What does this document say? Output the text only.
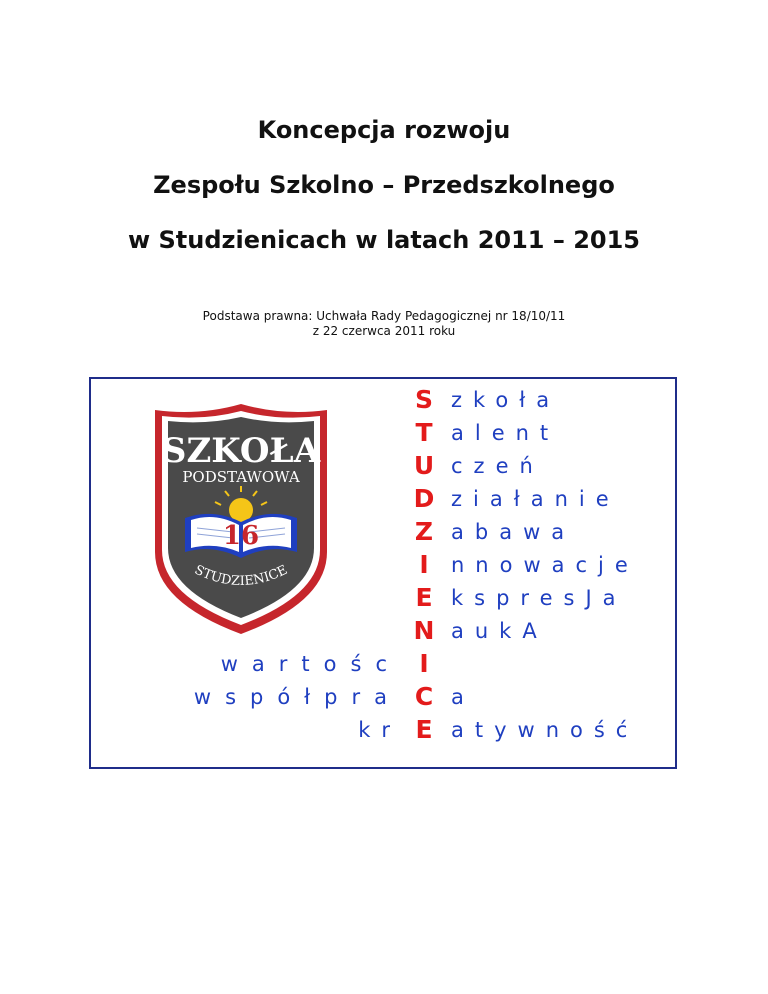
Koncepcja rozwoju
Zespołu Szkolno – Przedszkolnego
w Studzienicach w latach 2011 – 2015
Podstawa prawna: Uchwała Rady Pedagogicznej nr 18/10/11
z 22 czerwca 2011 roku
SZKOŁA
PODSTAWOWA
16
STUDZIENICE
S
T
U
D
Z
I
E
N
I
C
E
zkoła
alent
czeń
ziałanie
abawa
nnowacje
kspresJa
aukA
a
atywność
wartośc
współpra
kr
